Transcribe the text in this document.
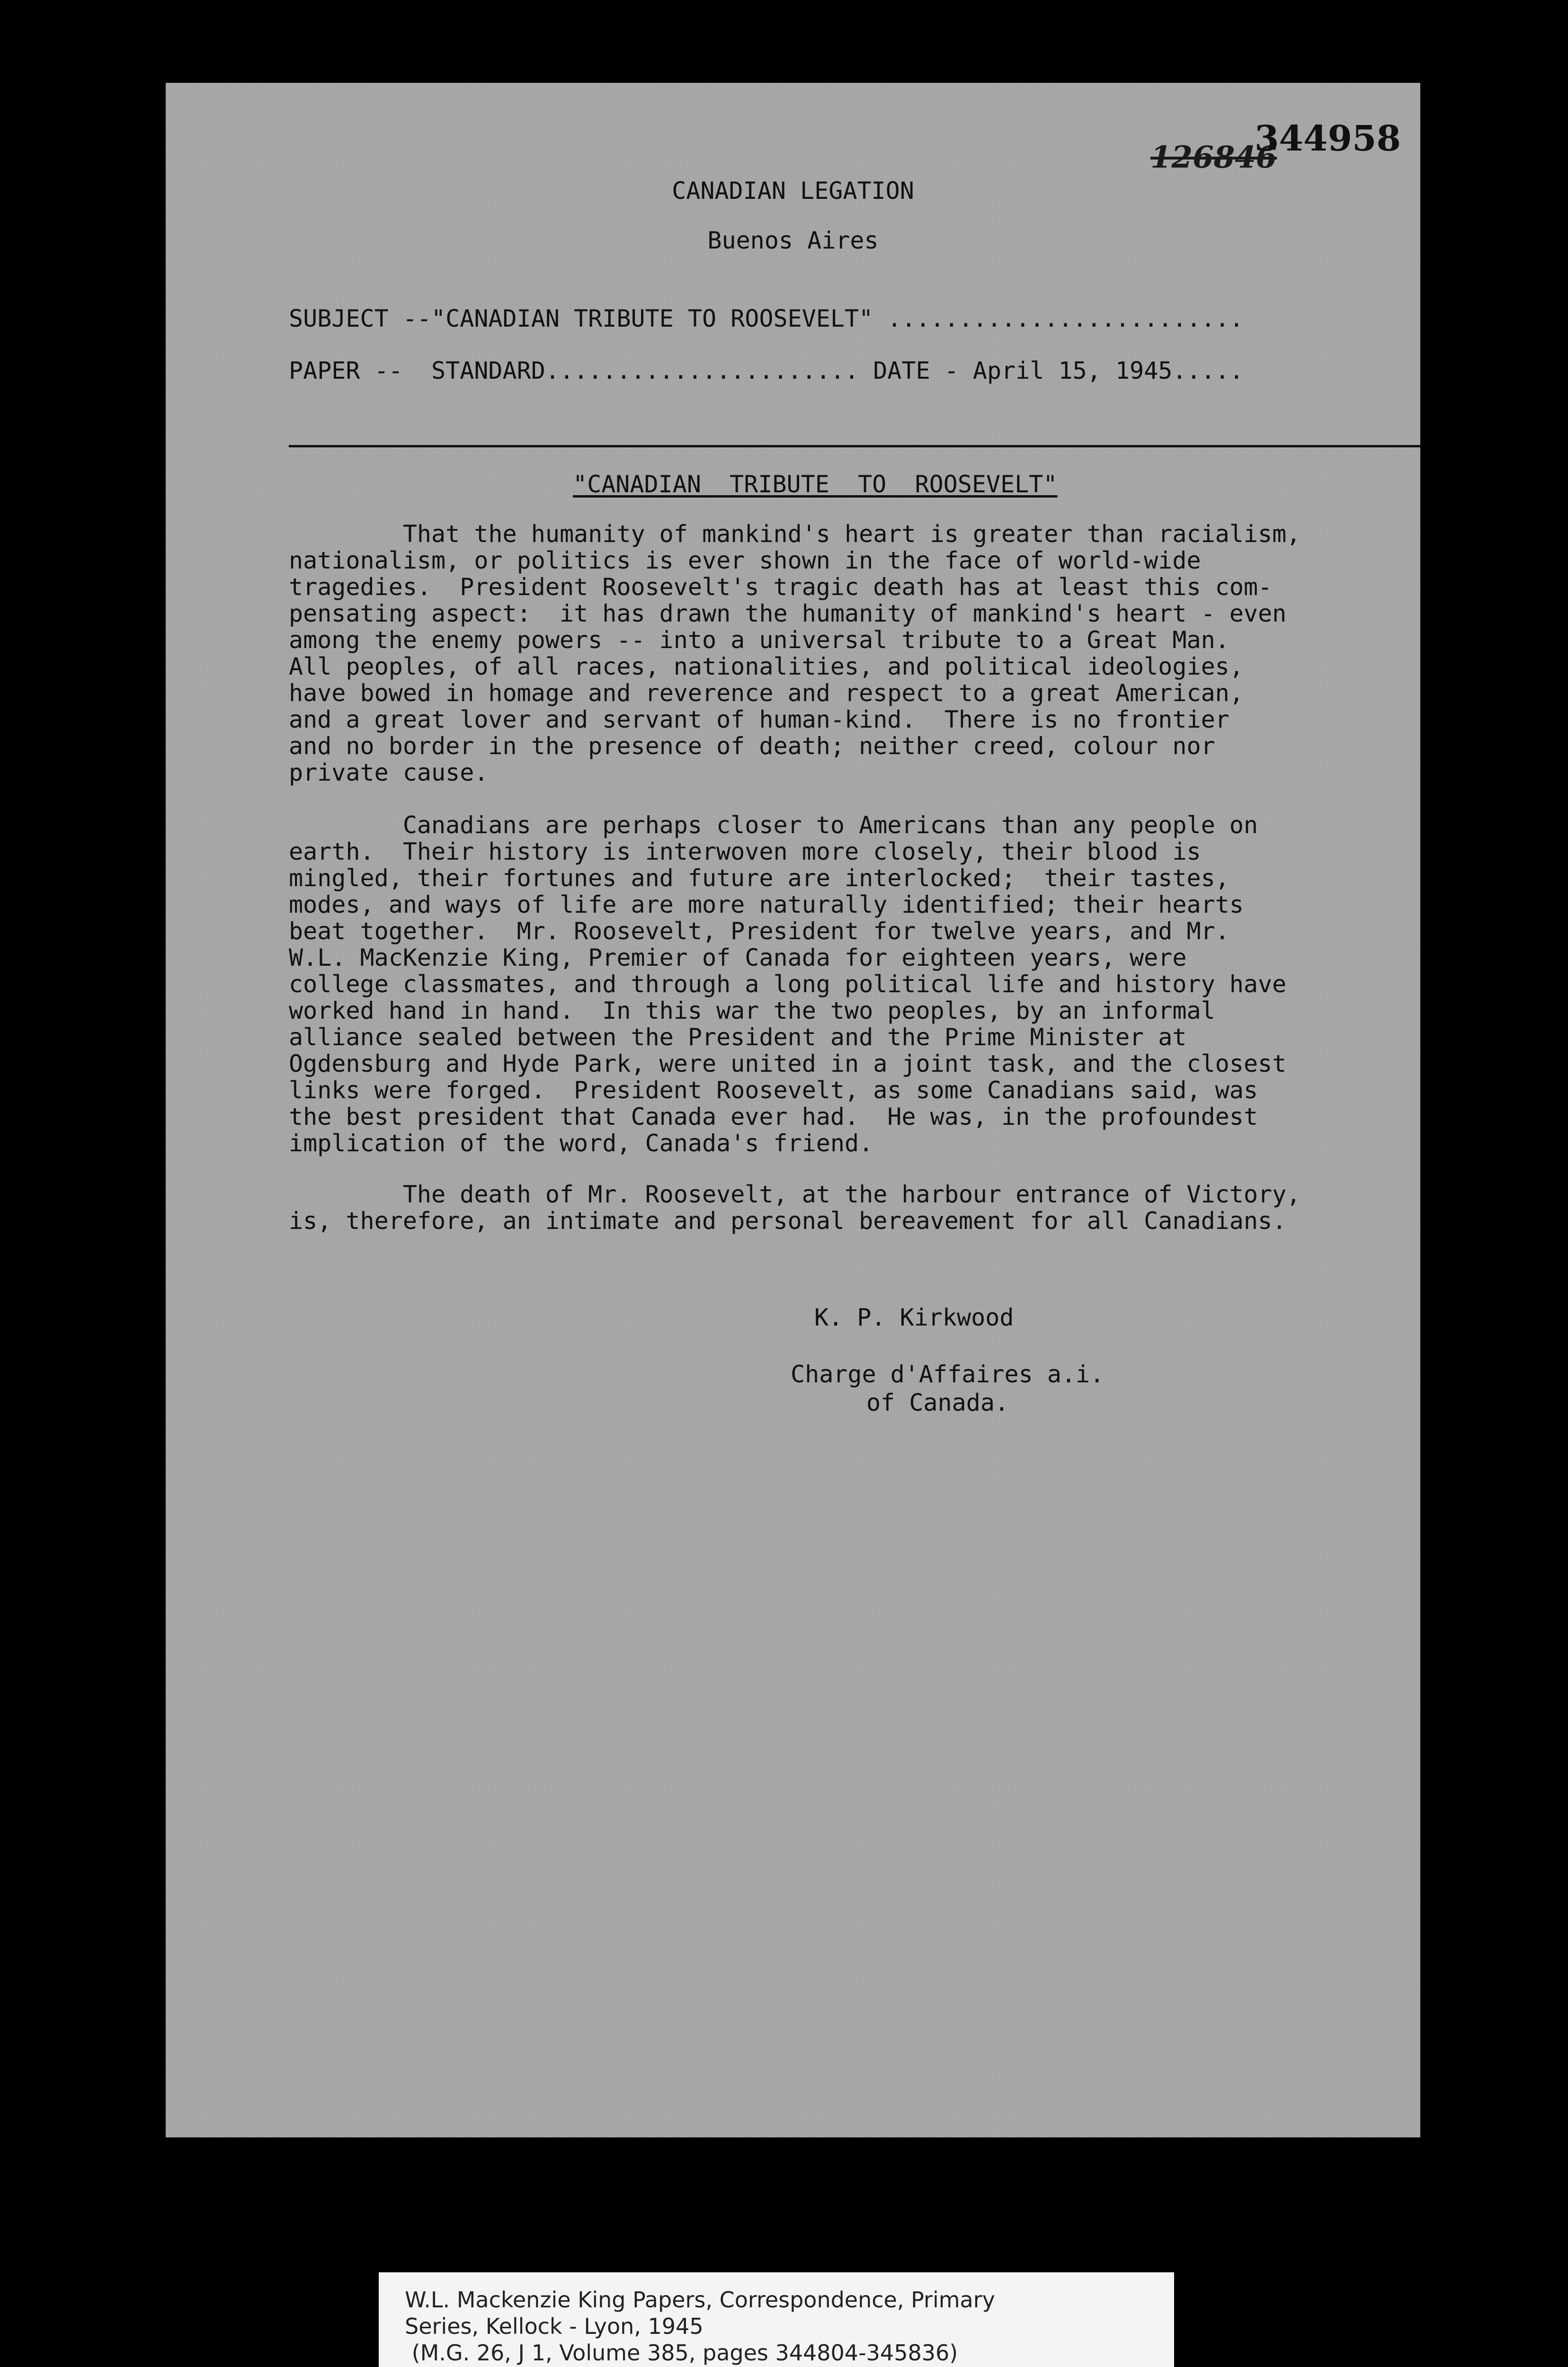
126846
344958
CANADIAN LEGATION
Buenos Aires
SUBJECT --"CANADIAN TRIBUTE TO ROOSEVELT" .........................
PAPER --  STANDARD...................... DATE - April 15, 1945.....
"CANADIAN  TRIBUTE  TO  ROOSEVELT"
That the humanity of mankind's heart is greater than racialism,
nationalism, or politics is ever shown in the face of world-wide
tragedies.  President Roosevelt's tragic death has at least this com-
pensating aspect:  it has drawn the humanity of mankind's heart - even
among the enemy powers -- into a universal tribute to a Great Man.
All peoples, of all races, nationalities, and political ideologies,
have bowed in homage and reverence and respect to a great American,
and a great lover and servant of human-kind.  There is no frontier
and no border in the presence of death; neither creed, colour nor
private cause.
Canadians are perhaps closer to Americans than any people on
earth.  Their history is interwoven more closely, their blood is
mingled, their fortunes and future are interlocked;  their tastes,
modes, and ways of life are more naturally identified; their hearts
beat together.  Mr. Roosevelt, President for twelve years, and Mr.
W.L. MacKenzie King, Premier of Canada for eighteen years, were
college classmates, and through a long political life and history have
worked hand in hand.  In this war the two peoples, by an informal
alliance sealed between the President and the Prime Minister at
Ogdensburg and Hyde Park, were united in a joint task, and the closest
links were forged.  President Roosevelt, as some Canadians said, was
the best president that Canada ever had.  He was, in the profoundest
implication of the word, Canada's friend.
The death of Mr. Roosevelt, at the harbour entrance of Victory,
is, therefore, an intimate and personal bereavement for all Canadians.
K. P. Kirkwood
Charge d'Affaires a.i.
of Canada.
W.L. Mackenzie King Papers, Correspondence, Primary
Series, Kellock - Lyon, 1945
(M.G. 26, J 1, Volume 385, pages 344804-345836)
